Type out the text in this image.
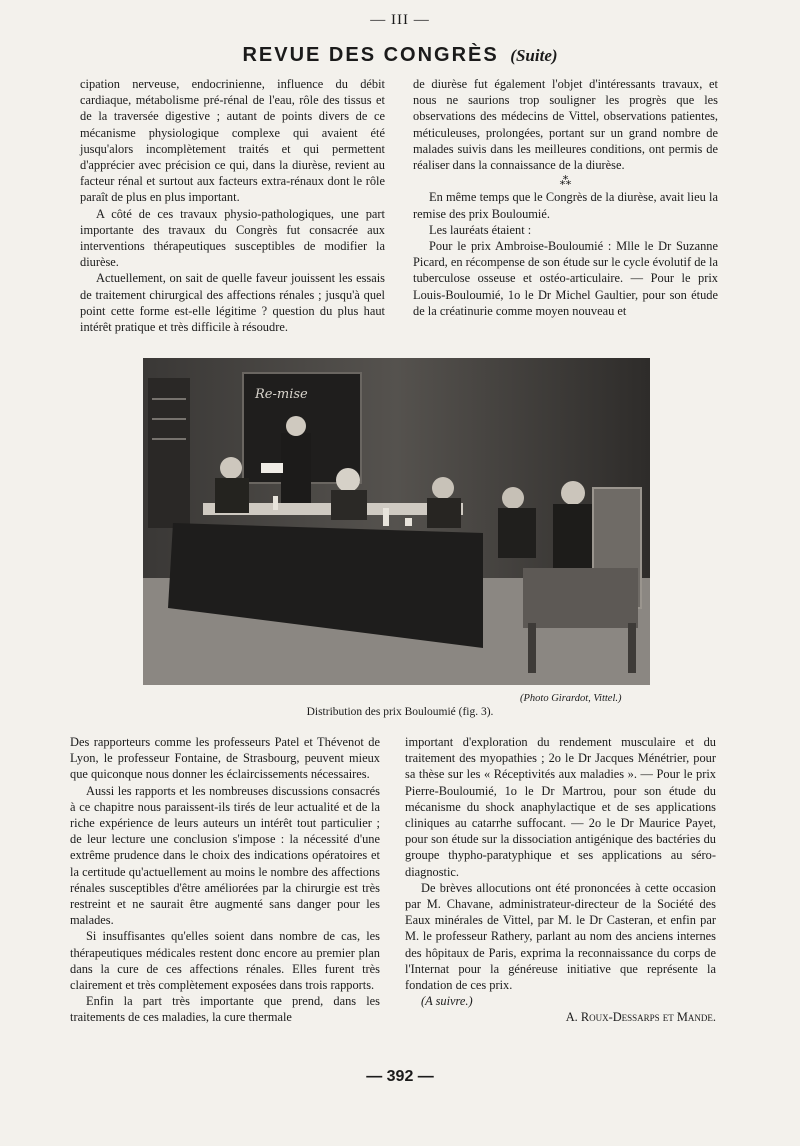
— III —
REVUE DES CONGRÈS (Suite)

cipation nerveuse, endocrinienne, influence du débit cardiaque, métabolisme pré-rénal de l'eau, rôle des tissus et de la traversée digestive ; autant de points divers de ce mécanisme physiologique complexe qui avaient été jusqu'alors incomplètement traités et qui permettent d'apprécier avec précision ce qui, dans la diurèse, revient au facteur rénal et surtout aux facteurs extra-rénaux dont le rôle paraît de plus en plus important.

A côté de ces travaux physio-pathologiques, une part importante des travaux du Congrès fut consacrée aux interventions thérapeutiques susceptibles de modifier la diurèse.

Actuellement, on sait de quelle faveur jouissent les essais de traitement chirurgical des affections rénales ; jusqu'à quel point cette forme est-elle légitime ? question du plus haut intérêt pratique et très difficile à résoudre.

de diurèse fut également l'objet d'intéressants travaux, et nous ne saurions trop souligner les progrès que les observations des médecins de Vittel, observations patientes, méticuleuses, prolongées, portant sur un grand nombre de malades suivis dans les meilleures conditions, ont permis de réaliser dans la connaissance de la diurèse.

⁂

En même temps que le Congrès de la diurèse, avait lieu la remise des prix Bouloumié.

Les lauréats étaient :

Pour le prix Ambroise-Bouloumié : Mlle le Dr Suzanne Picard, en récompense de son étude sur le cycle évolutif de la tuberculose osseuse et ostéo-articulaire. — Pour le prix Louis-Bouloumié, 1o le Dr Michel Gaultier, pour son étude de la créatinurie comme moyen nouveau et

Re-mise
(Photo Girardot, Vittel.)
Distribution des prix Bouloumié (fig. 3).

Des rapporteurs comme les professeurs Patel et Thévenot de Lyon, le professeur Fontaine, de Strasbourg, peuvent mieux que quiconque nous donner les éclaircissements nécessaires.

Aussi les rapports et les nombreuses discussions consacrés à ce chapitre nous paraissent-ils tirés de leur actualité et de la riche expérience de leurs auteurs un intérêt tout particulier ; de leur lecture une conclusion s'impose : la nécessité d'une extrême prudence dans le choix des indications opératoires et la certitude qu'actuellement au moins le nombre des affections rénales susceptibles d'être améliorées par la chirurgie est très restreint et ne saurait être augmenté sans danger pour les malades.

Si insuffisantes qu'elles soient dans nombre de cas, les thérapeutiques médicales restent donc encore au premier plan dans la cure de ces affections rénales. Elles furent très clairement et très complètement exposées dans trois rapports.

Enfin la part très importante que prend, dans les traitements de ces maladies, la cure thermale

important d'exploration du rendement musculaire et du traitement des myopathies ; 2o le Dr Jacques Ménétrier, pour sa thèse sur les « Réceptivités aux maladies ». — Pour le prix Pierre-Bouloumié, 1o le Dr Martrou, pour son étude du mécanisme du shock anaphylactique et de ses applications cliniques au catarrhe suffocant. — 2o le Dr Maurice Payet, pour son étude sur la dissociation antigénique des bactéries du groupe thypho-paratyphique et ses applications au séro-diagnostic.

De brèves allocutions ont été prononcées à cette occasion par M. Chavane, administrateur-directeur de la Société des Eaux minérales de Vittel, par M. le Dr Casteran, et enfin par M. le professeur Rathery, parlant au nom des anciens internes des hôpitaux de Paris, exprima la reconnaissance du corps de l'Internat pour la généreuse initiative que représente la fondation de ces prix.

(A suivre.)

A. Roux-Dessarps et Mande.

— 392 —
